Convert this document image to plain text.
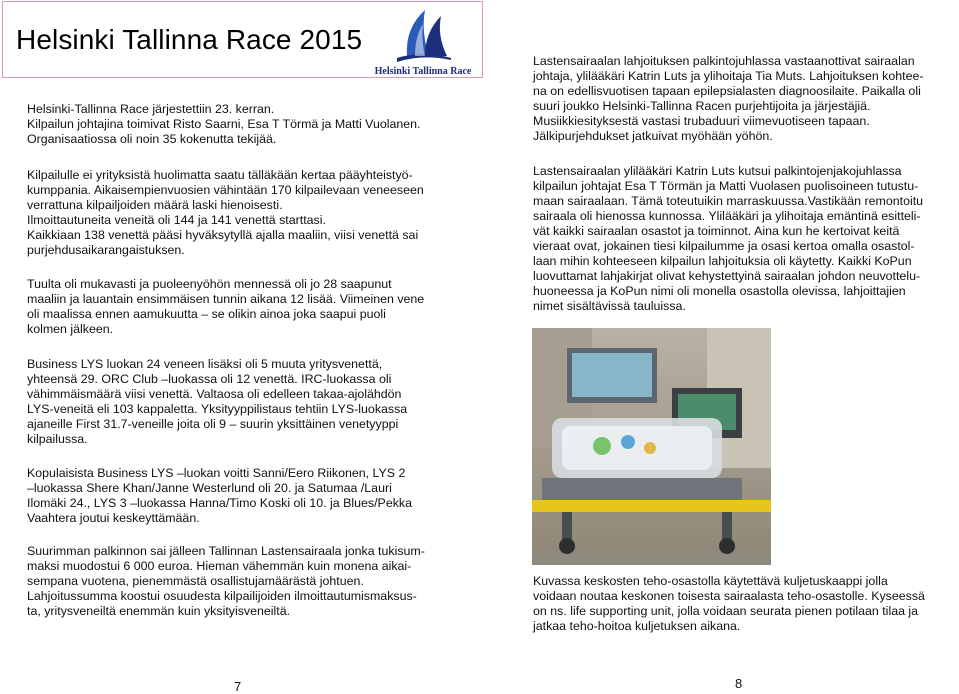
Helsinki Tallinna Race 2015
Helsinki Tallinna Race
Helsinki-Tallinna Race järjestettiin 23. kerran.
Kilpailun johtajina toimivat Risto Saarni, Esa T Törmä ja Matti Vuolanen.
Organisaatiossa oli noin 35 kokenutta tekijää.
Kilpailulle ei yrityksistä huolimatta saatu tälläkään kertaa pääyhteistyö-
kumppania. Aikaisempienvuosien vähintään 170 kilpailevaan veneeseen
verrattuna kilpailjoiden määrä laski hienoisesti.
Ilmoittautuneita veneitä oli 144 ja 141 venettä starttasi.
Kaikkiaan 138 venettä pääsi hyväksytyllä ajalla maaliin, viisi venettä sai
purjehdusaikarangaistuksen.
Tuulta oli mukavasti ja puoleenyöhön mennessä oli jo 28 saapunut
maaliin ja lauantain ensimmäisen tunnin aikana 12 lisää. Viimeinen vene
oli maalissa ennen aamukuutta – se olikin ainoa joka saapui puoli
kolmen jälkeen.
Business LYS luokan 24 veneen lisäksi oli 5 muuta yritysvenettä,
yhteensä 29. ORC Club –luokassa oli 12 venettä. IRC-luokassa oli
vähimmäismäärä viisi venettä. Valtaosa oli edelleen takaa-ajolähdön
LYS-veneitä eli 103 kappaletta. Yksityyppilistaus tehtiin LYS-luokassa
ajaneille First 31.7-veneille joita oli 9 – suurin yksittäinen venetyyppi
kilpailussa.
Kopulaisista Business LYS –luokan voitti Sanni/Eero Riikonen, LYS 2
–luokassa Shere Khan/Janne Westerlund oli 20. ja Satumaa /Lauri
Ilomäki 24., LYS 3 –luokassa Hanna/Timo Koski oli 10. ja Blues/Pekka
Vaahtera joutui keskeyttämään.
Suurimman palkinnon sai jälleen Tallinnan Lastensairaala jonka tukisum-
maksi muodostui 6 000 euroa. Hieman vähemmän kuin monena aikai-
sempana vuotena, pienemmästä osallistujamäärästä johtuen.
Lahjoitussumma koostui osuudesta kilpailijoiden ilmoittautumismaksus-
ta, yritysveneiltä enemmän kuin yksityisveneiltä.
Lastensairaalan lahjoituksen palkintojuhlassa vastaanottivat sairaalan
johtaja, ylilääkäri Katrin Luts ja ylihoitaja Tia Muts. Lahjoituksen kohtee-
na on edellisvuotisen tapaan epilepsialasten diagnoosilaite. Paikalla oli
suuri joukko Helsinki-Tallinna Racen purjehtijoita ja järjestäjiä.
Musiikkiesityksestä vastasi trubaduuri viimevuotiseen tapaan.
Jälkipurjehdukset jatkuivat myöhään yöhön.
Lastensairaalan ylilääkäri Katrin Luts kutsui palkintojenjakojuhlassa
kilpailun johtajat Esa T Törmän ja Matti Vuolasen puolisoineen tutustu-
maan sairaalaan. Tämä toteutuikin marraskuussa.Vastikään remontoitu
sairaala oli hienossa kunnossa. Ylilääkäri ja ylihoitaja emäntinä esitteli-
vät kaikki sairaalan osastot ja toiminnot. Aina kun he kertoivat keitä
vieraat ovat, jokainen tiesi kilpailumme ja osasi kertoa omalla osastol-
laan mihin kohteeseen kilpailun lahjoituksia oli käytetty. Kaikki KoPun
luovuttamat lahjakirjat olivat kehystettyinä sairaalan johdon neuvottelu-
huoneessa ja KoPun nimi oli monella osastolla olevissa, lahjoittajien
nimet sisältävissä tauluissa.
Kuvassa keskosten teho-osastolla käytettävä kuljetuskaappi jolla
voidaan noutaa keskonen toisesta sairaalasta teho-osastolle. Kyseessä
on ns. life supporting unit, jolla voidaan seurata pienen potilaan tilaa ja
jatkaa teho-hoitoa kuljetuksen aikana.
7	8
